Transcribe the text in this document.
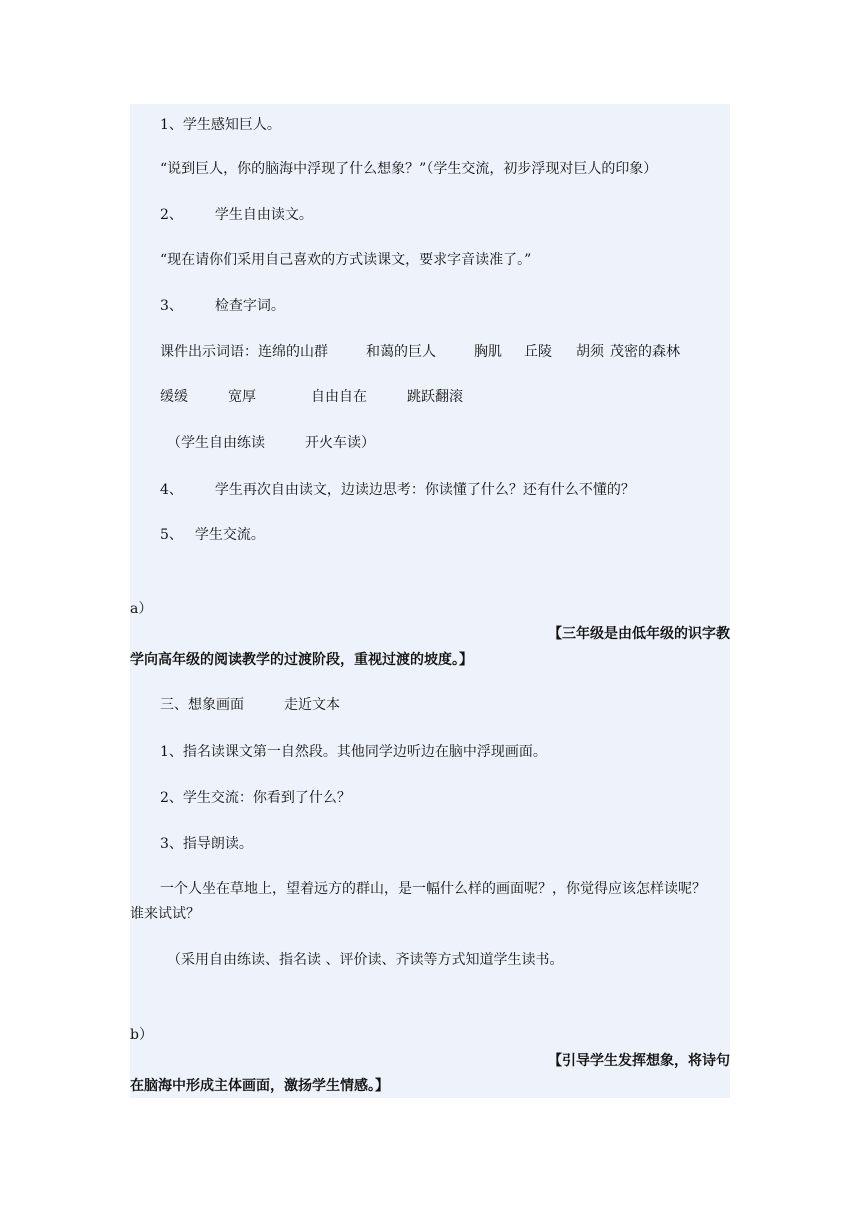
1、学生感知巨人。
“说到巨人，你的脑海中浮现了什么想象？”（学生交流，初步浮现对巨人的印象）
2、 学生自由读文。
“现在请你们采用自己喜欢的方式读课文，要求字音读准了。”
3、 检查字词。
课件出示词语：连绵的山群	和蔼的巨人	胸肌 丘陵 胡须 茂密的森林
缓缓	宽厚	自由自在	跳跃翻滚
（学生自由练读	开火车读）
4、 学生再次自由读文，边读边思考：你读懂了什么？还有什么不懂的？
5、 学生交流。
a）
【三年级是由低年级的识字教
学向高年级的阅读教学的过渡阶段，重视过渡的坡度。】
三、想象画面	走近文本
1、指名读课文第一自然段。其他同学边听边在脑中浮现画面。
2、学生交流：你看到了什么？
3、指导朗读。
一个人坐在草地上，望着远方的群山，是一幅什么样的画面呢？，你觉得应该怎样读呢？
谁来试试？
（采用自由练读、指名读 、评价读、齐读等方式知道学生读书。
b）
【引导学生发挥想象，将诗句
在脑海中形成主体画面，激扬学生情感。】
